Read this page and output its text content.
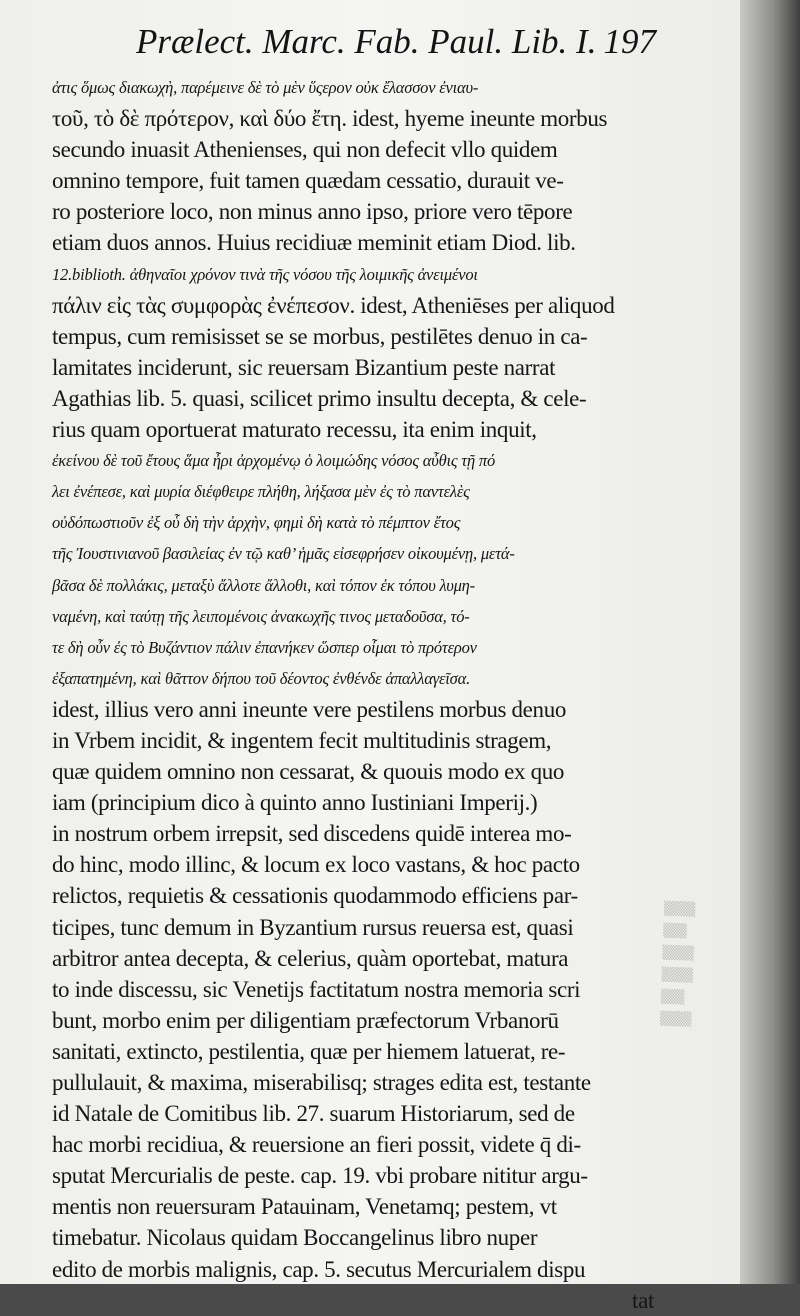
Prælect. Marc. Fab. Paul. Lib. I. 197
ἀτις ὅμως διακωχὴ, παρέμεινε δὲ τὸ μὲν ὕςερον οὐκ ἔλασσον ἐνιαυ-
τοῦ, τὸ δὲ πρότερον, καὶ δύο ἔτη. idest, hyeme ineunte morbus
secundo inuasit Athenienses, qui non defecit vllo quidem
omnino tempore, fuit tamen quædam cessatio, durauit ve-
ro posteriore loco, non minus anno ipso, priore vero tēpore
etiam duos annos. Huius recidiuæ meminit etiam Diod. lib.
12.biblioth. ἀθηναῖοι χρόνον τινὰ τῆς νόσου τῆς λοιμικῆς ἀνειμένοι
πάλιν εἰς τὰς συμφορὰς ἐνέπεσον. idest, Atheniēses per aliquod
tempus, cum remisisset se se morbus, pestilētes denuo in ca-
lamitates inciderunt, sic reuersam Bizantium peste narrat
Agathias lib. 5. quasi, scilicet primo insultu decepta, & cele-
rius quam oportuerat maturato recessu, ita enim inquit,
ἐκείνου δὲ τοῦ ἔτους ἅμα ἦρι ἀρχομένῳ ὁ λοιμώδης νόσος αὖθις τῇ πό
λει ἐνέπεσε, καὶ μυρία διέφθειρε πλήθη, λήξασα μὲν ἐς τὸ παντελὲς
οὐδόπωστιοῦν ἐξ οὗ δὴ τὴν ἀρχὴν, φημὶ δὴ κατὰ τὸ πέμπτον ἔτος
τῆς Ἰουστινιανοῦ βασιλείας ἐν τῷ καθ’ ἡμᾶς εἰσεφρήσεν οἰκουμένῃ, μετά-
βᾶσα δὲ πολλάκις, μεταξὺ ἄλλοτε ἄλλοθι, καὶ τόπον ἐκ τόπου λυμη-
ναμένη, καὶ ταύτῃ τῆς λειπομένοις ἀνακωχῆς τινος μεταδοῦσα, τό-
τε δὴ οὖν ἐς τὸ Βυζάντιον πάλιν ἐπανήκεν ὥσπερ οἶμαι τὸ πρότερον
ἐξαπατημένη, καὶ θᾶττον δήπου τοῦ δέοντος ἐνθένδε ἀπαλλαγεῖσα.
idest, illius vero anni ineunte vere pestilens morbus denuo
in Vrbem incidit, & ingentem fecit multitudinis stragem,
quæ quidem omnino non cessarat, & quouis modo ex quo
iam (principium dico à quinto anno Iustiniani Imperij.)
in nostrum orbem irrepsit, sed discedens quidē interea mo-
do hinc, modo illinc, & locum ex loco vastans, & hoc pacto
relictos, requietis & cessationis quodammodo efficiens par-
ticipes, tunc demum in Byzantium rursus reuersa est, quasi
arbitror antea decepta, & celerius, quàm oportebat, matura
to inde discessu, sic Venetijs factitatum nostra memoria scri
bunt, morbo enim per diligentiam præfectorum Vrbanorū
sanitati, extincto, pestilentia, quæ per hiemem latuerat, re-
pullulauit, & maxima, miserabilisq; strages edita est, testante
id Natale de Comitibus lib. 27. suarum Historiarum, sed de
hac morbi recidiua, & reuersione an fieri possit, videte q̄ di-
sputat Mercurialis de peste. cap. 19. vbi probare nititur argu-
mentis non reuersuram Patauinam, Venetamq; pestem, vt
timebatur. Nicolaus quidam Boccangelinus libro nuper
edito de morbis malignis, cap. 5. secutus Mercurialem dispu
tat
▒▒▒▒
▒▒▒
▒▒▒▒
▒▒▒▒
▒▒▒
▒▒▒▒
